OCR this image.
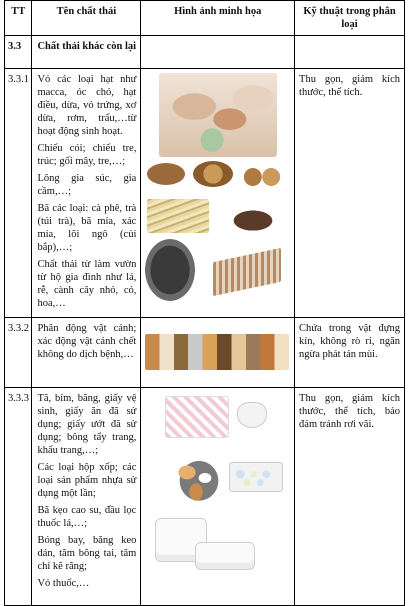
TT	Tên chất thải	Hình ảnh minh họa	Kỹ thuật trong phân loại
3.3	Chất thải khác còn lại		
3.3.1	Vỏ các loại hạt như macca, óc chó, hạt điều, dừa, vỏ trứng, xơ dừa, rơm, trấu,…từ hoạt động sinh hoạt.

Chiếu cói; chiếu tre, trúc; gối mây, tre,…;

Lông gia súc, gia cầm,…;

Bã các loại: cà phê, trà (túi trà), bã mía, xác mía, lõi ngô (củi bắp),…;

Chất thải từ làm vườn từ hộ gia đình như lá, rễ, cành cây nhỏ, cỏ, hoa,…		Thu gọn, giảm kích thước, thể tích.
3.3.2	Phân động vật cảnh; xác động vật cảnh chết không do dịch bệnh,…		Chứa trong vật đựng kín, không rò rỉ, ngăn ngừa phát tán mùi.
3.3.3	Tã, bỉm, băng, giấy vệ sinh, giấy ăn đã sử dụng; giấy ướt đã sử dụng; bông tẩy trang, khẩu trang,…;

Các loại hộp xốp; các loại sản phẩm nhựa sử dụng một lần;

Bã kẹo cao su, đầu lọc thuốc lá,…;

Bóng bay, băng keo dán, tăm bông tai, tăm chỉ kẽ răng;

Vỏ thuốc,…		Thu gọn, giảm kích thước, thể tích, bảo đảm tránh rơi vãi.
